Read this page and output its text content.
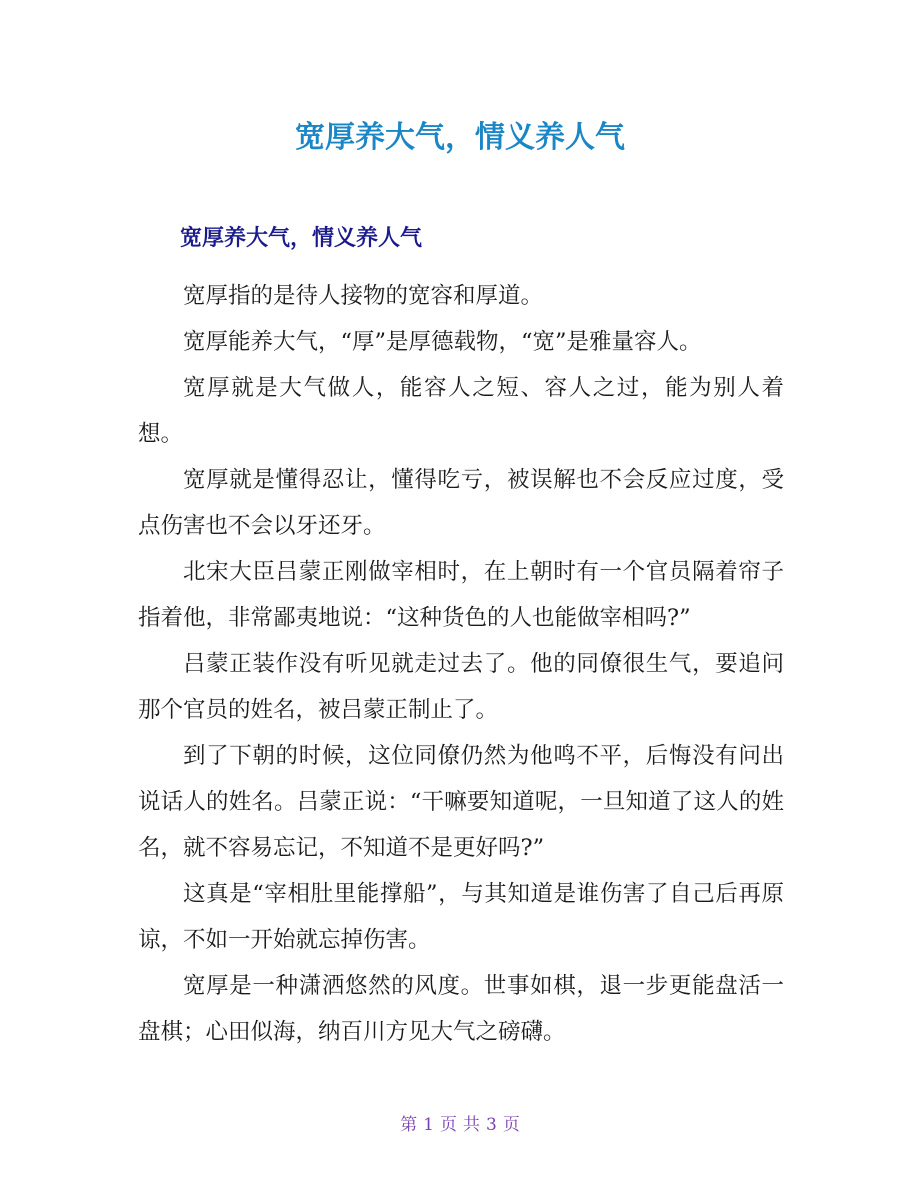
宽厚养大气，情义养人气
宽厚养大气，情义养人气

宽厚指的是待人接物的宽容和厚道。

宽厚能养大气，“厚”是厚德载物，“宽”是雅量容人。

宽厚就是大气做人，能容人之短、容人之过，能为别人着想。

宽厚就是懂得忍让，懂得吃亏，被误解也不会反应过度，受点伤害也不会以牙还牙。

北宋大臣吕蒙正刚做宰相时，在上朝时有一个官员隔着帘子指着他，非常鄙夷地说：“这种货色的人也能做宰相吗?”

吕蒙正装作没有听见就走过去了。他的同僚很生气，要追问那个官员的姓名，被吕蒙正制止了。

到了下朝的时候，这位同僚仍然为他鸣不平，后悔没有问出说话人的姓名。吕蒙正说：“干嘛要知道呢，一旦知道了这人的姓名，就不容易忘记，不知道不是更好吗?”

这真是“宰相肚里能撑船”，与其知道是谁伤害了自己后再原谅，不如一开始就忘掉伤害。

宽厚是一种潇洒悠然的风度。世事如棋，退一步更能盘活一盘棋；心田似海，纳百川方见大气之磅礴。

第 1 页 共 3 页
